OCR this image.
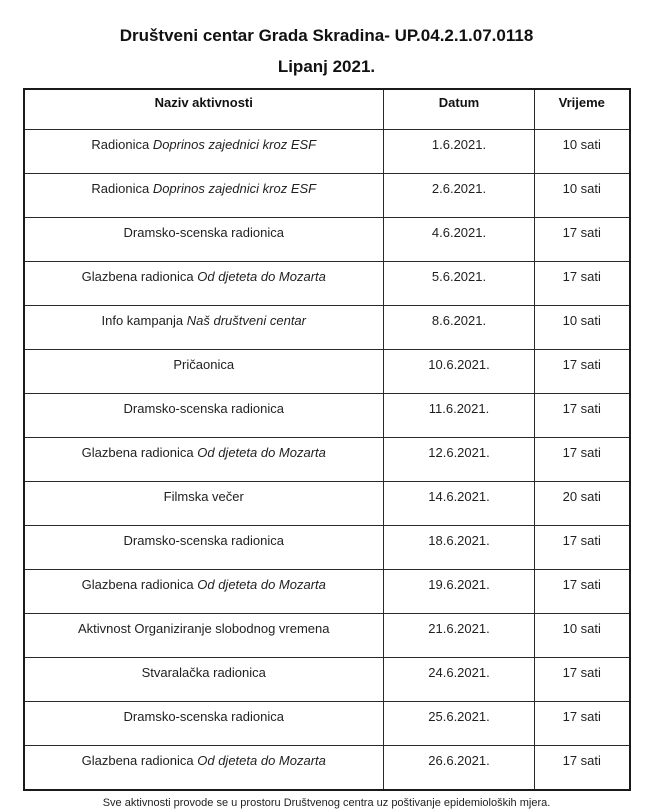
Društveni centar Grada Skradina- UP.04.2.1.07.0118

Lipanj 2021.

Naziv aktivnosti	Datum	Vrijeme
Radionica Doprinos zajednici kroz ESF	1.6.2021.	10 sati
Radionica Doprinos zajednici kroz ESF	2.6.2021.	10 sati
Dramsko-scenska radionica	4.6.2021.	17 sati
Glazbena radionica Od djeteta do Mozarta	5.6.2021.	17 sati
Info kampanja Naš društveni centar	8.6.2021.	10 sati
Pričaonica	10.6.2021.	17 sati
Dramsko-scenska radionica	11.6.2021.	17 sati
Glazbena radionica Od djeteta do Mozarta	12.6.2021.	17 sati
Filmska večer	14.6.2021.	20 sati
Dramsko-scenska radionica	18.6.2021.	17 sati
Glazbena radionica Od djeteta do Mozarta	19.6.2021.	17 sati
Aktivnost Organiziranje slobodnog vremena	21.6.2021.	10 sati
Stvaralačka radionica	24.6.2021.	17 sati
Dramsko-scenska radionica	25.6.2021.	17 sati
Glazbena radionica Od djeteta do Mozarta	26.6.2021.	17 sati

Sve aktivnosti provode se u prostoru Društvenog centra uz poštivanje epidemioloških mjera.
